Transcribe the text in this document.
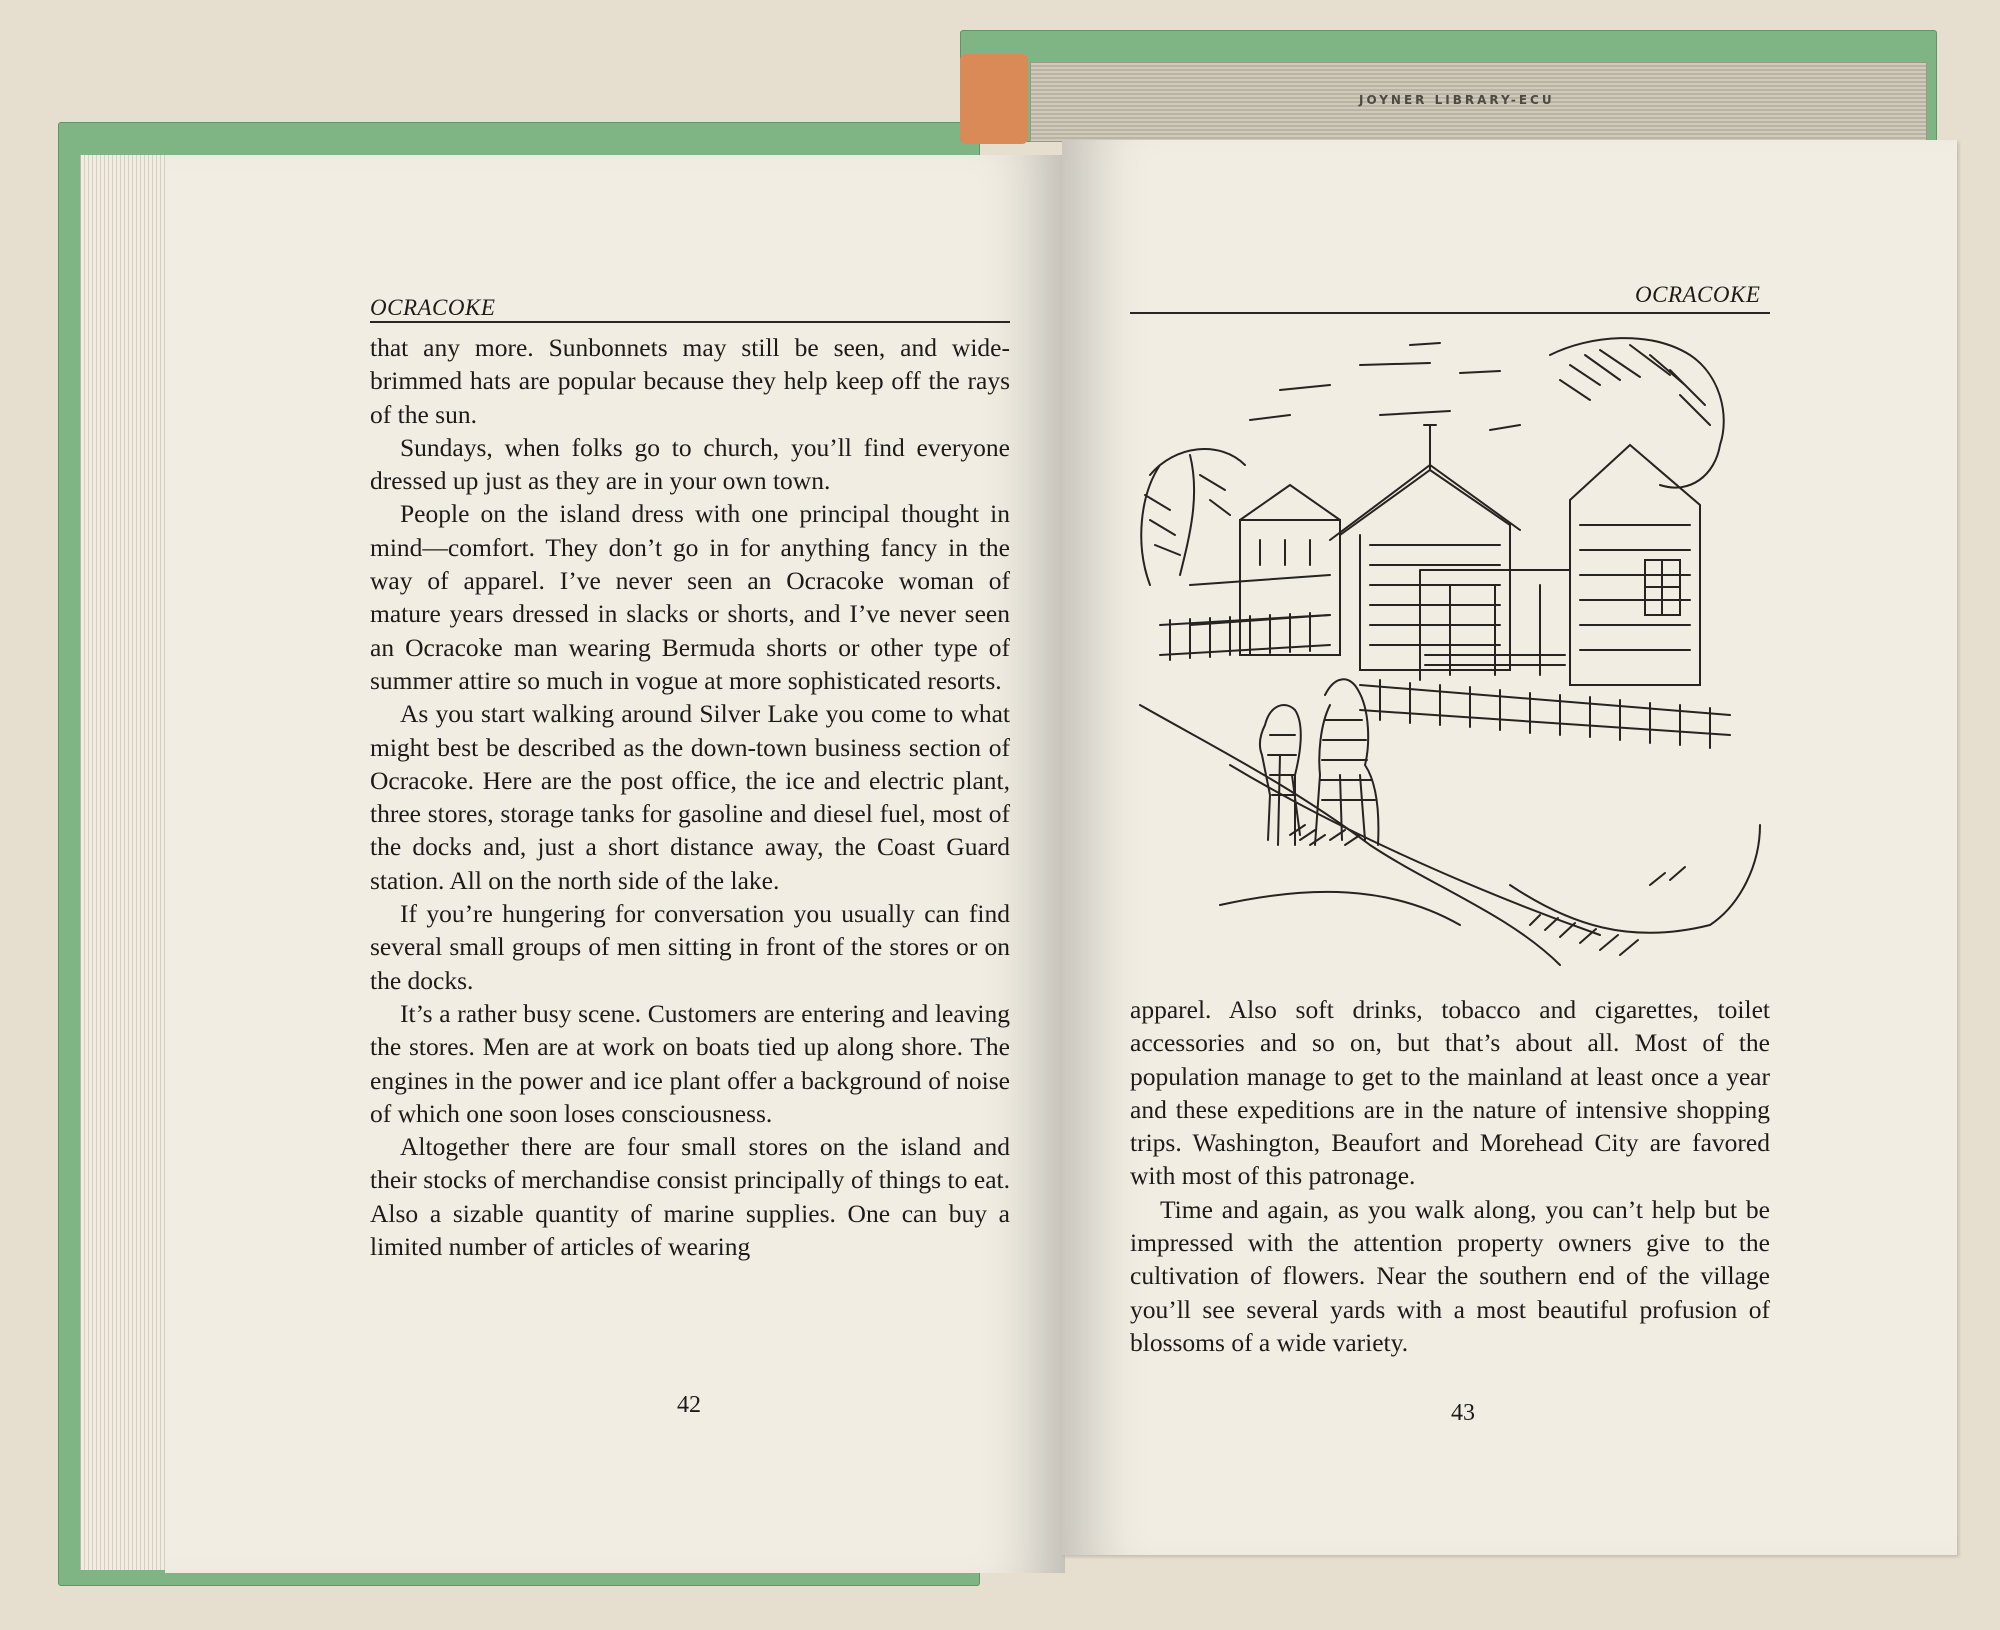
JOYNER LIBRARY-ECU
OCRACOKE

that any more. Sunbonnets may still be seen, and wide-brimmed hats are popular because they help keep off the rays of the sun.

Sundays, when folks go to church, you’ll find everyone dressed up just as they are in your own town.

People on the island dress with one principal thought in mind—comfort. They don’t go in for anything fancy in the way of apparel. I’ve never seen an Ocracoke woman of mature years dressed in slacks or shorts, and I’ve never seen an Ocracoke man wearing Bermuda shorts or other type of summer attire so much in vogue at more sophisticated resorts.

As you start walking around Silver Lake you come to what might best be described as the down-town business section of Ocracoke. Here are the post office, the ice and electric plant, three stores, storage tanks for gasoline and diesel fuel, most of the docks and, just a short distance away, the Coast Guard station. All on the north side of the lake.

If you’re hungering for conversation you usually can find several small groups of men sitting in front of the stores or on the docks.

It’s a rather busy scene. Customers are entering and leaving the stores. Men are at work on boats tied up along shore. The engines in the power and ice plant offer a background of noise of which one soon loses consciousness.

Altogether there are four small stores on the island and their stocks of merchandise consist principally of things to eat. Also a sizable quantity of marine supplies. One can buy a limited number of articles of wearing

42
OCRACOKE

apparel. Also soft drinks, tobacco and cigarettes, toilet accessories and so on, but that’s about all. Most of the population manage to get to the mainland at least once a year and these expeditions are in the nature of intensive shopping trips. Washington, Beaufort and Morehead City are favored with most of this patronage.

Time and again, as you walk along, you can’t help but be impressed with the attention property owners give to the cultivation of flowers. Near the southern end of the village you’ll see several yards with a most beautiful profusion of blossoms of a wide variety.

43
